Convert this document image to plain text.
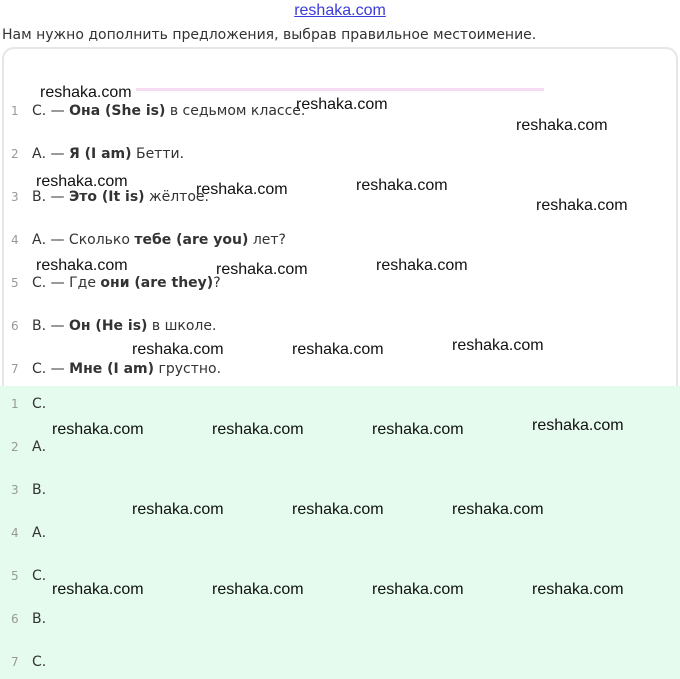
reshaka.com
Нам нужно дополнить предложения, выбрав правильное местоимение.
1 С. — Она (She is) в седьмом классе.
2 А. — Я (I am) Бетти.
3 В. — Это (It is) жёлтое.
4 А. — Сколько тебе (are you) лет?
5 С. — Где они (are they)?
6 В. — Он (He is) в школе.
7 С. — Мне (I am) грустно.
1 С.
2 А.
3 В.
4 А.
5 С.
6 В.
7 С.
reshaka.com
reshaka.com
reshaka.com
reshaka.com	reshaka.com	reshaka.com
reshaka.com
reshaka.com	reshaka.com	reshaka.com
reshaka.com	reshaka.com	reshaka.com
reshaka.com	reshaka.com	reshaka.com	reshaka.com
reshaka.com	reshaka.com	reshaka.com
reshaka.com	reshaka.com	reshaka.com	reshaka.com
